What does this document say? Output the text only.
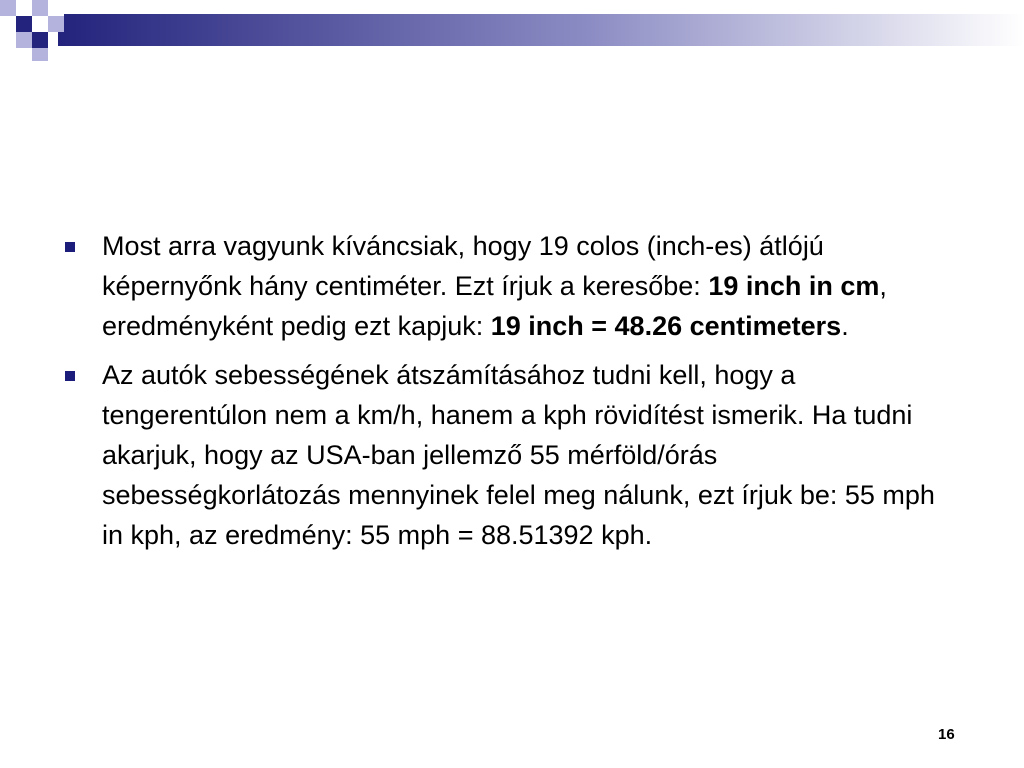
Most arra vagyunk kíváncsiak, hogy 19 colos (inch-es) átlójú képernyőnk hány centiméter. Ezt írjuk a keresőbe: 19 inch in cm, eredményként pedig ezt kapjuk: 19 inch = 48.26 centimeters.
Az autók sebességének átszámításához tudni kell, hogy a tengerentúlon nem a km/h, hanem a kph rövidítést ismerik. Ha tudni akarjuk, hogy az USA-ban jellemző 55 mérföld/órás sebességkorlátozás mennyinek felel meg nálunk, ezt írjuk be: 55 mph in kph, az eredmény: 55 mph = 88.51392 kph.
16
